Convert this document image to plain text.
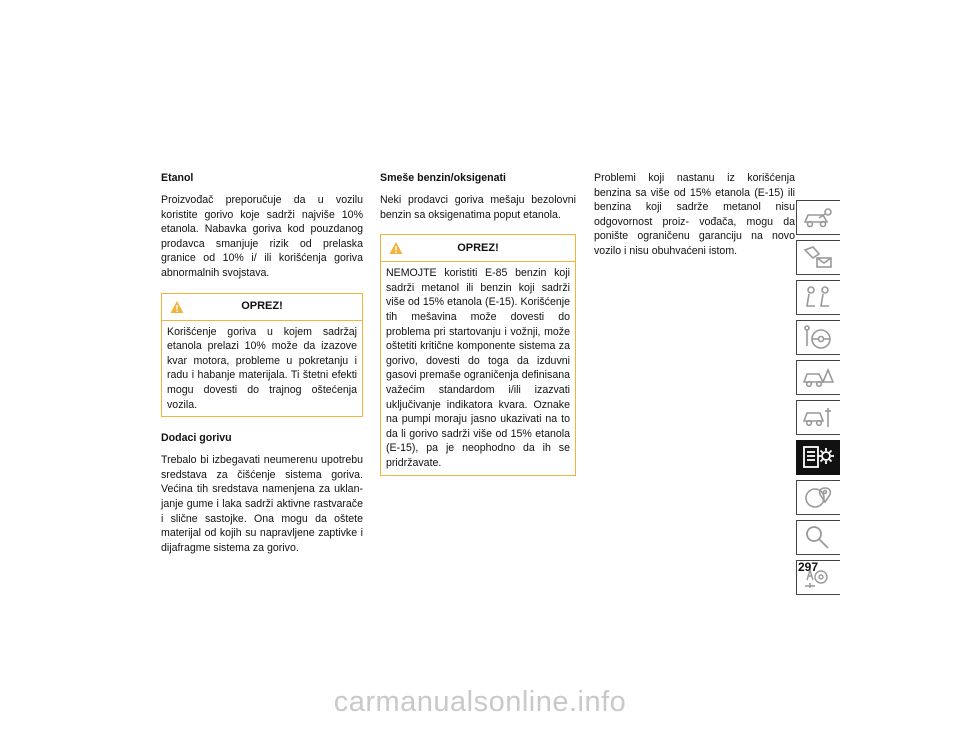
Etanol

Proizvođač preporučuje da u vozilu koristite gorivo koje sadrži najviše 10% etanola. Nabavka goriva kod pouzdanog prodavca smanjuje rizik od prelaska granice od 10% i/ ili korišćenja goriva abnormalnih svojstava.

OPREZ!
Korišćenje goriva u kojem sadržaj etanola prelazi 10% može da izazove kvar motora, probleme u pokretanju i radu i habanje materijala. Ti štetni efekti mogu dovesti do trajnog oštećenja vozila.
Dodaci gorivu

Trebalo bi izbegavati neumerenu upotrebu sredstava za čišćenje sistema goriva. Većina tih sredstava namenjena za uklan- janje gume i laka sadrži aktivne rastvarače i slične sastojke. Ona mogu da oštete materijal od kojih su napravljene zaptivke i dijafragme sistema za gorivo.

Smeše benzin/oksigenati

Neki prodavci goriva mešaju bezolovni benzin sa oksigenatima poput etanola.

OPREZ!
NEMOJTE koristiti E-85 benzin koji sadrži metanol ili benzin koji sadrži više od 15% etanola (E-15). Korišćenje tih mešavina može dovesti do problema pri startovanju i vožnji, može oštetiti kritične komponente sistema za gorivo, dovesti do toga da izduvni gasovi premaše ograničenja definisana važećim standardom i/ili izazvati uključivanje indikatora kvara. Oznake na pumpi moraju jasno ukazivati na to da li gorivo sadrži više od 15% etanola (E-15), pa je neophodno da ih se pridržavate.

Problemi koji nastanu iz korišćenja benzina sa više od 15% etanola (E-15) ili benzina koji sadrže metanol nisu odgovornost proiz- vođača, mogu da ponište ograničenu garanciju na novo vozilo i nisu obuhvaćeni istom.

297
carmanualsonline.info
